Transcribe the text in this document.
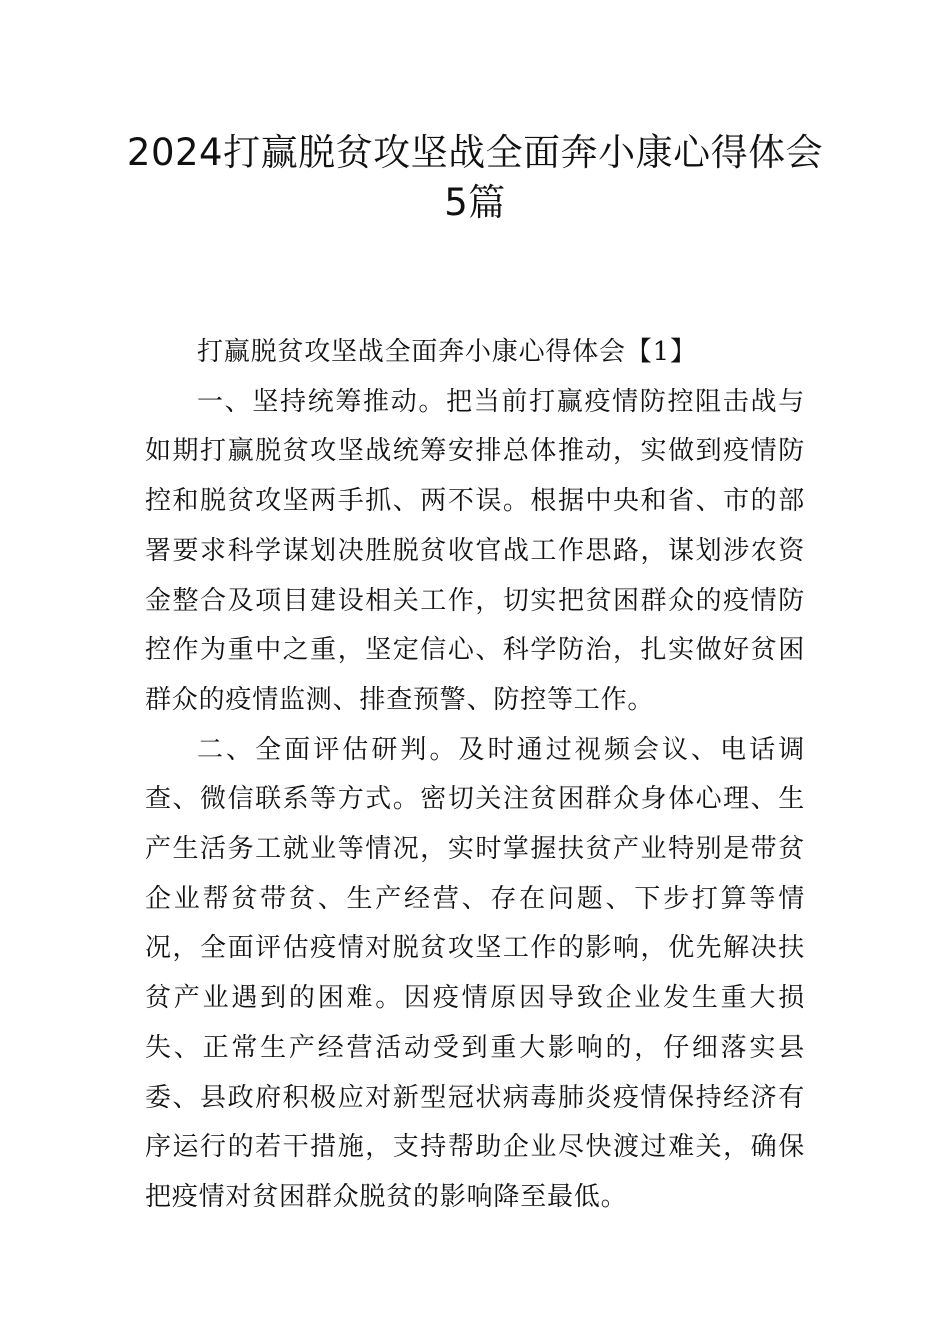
2024打赢脱贫攻坚战全面奔小康心得体会5篇

打赢脱贫攻坚战全面奔小康心得体会【1】

一、坚持统筹推动。把当前打赢疫情防控阻击战与如期打赢脱贫攻坚战统筹安排总体推动，实做到疫情防控和脱贫攻坚两手抓、两不误。根据中央和省、市的部署要求科学谋划决胜脱贫收官战工作思路，谋划涉农资金整合及项目建设相关工作，切实把贫困群众的疫情防控作为重中之重，坚定信心、科学防治，扎实做好贫困群众的疫情监测、排查预警、防控等工作。

二、全面评估研判。及时通过视频会议、电话调查、微信联系等方式。密切关注贫困群众身体心理、生产生活务工就业等情况，实时掌握扶贫产业特别是带贫企业帮贫带贫、生产经营、存在问题、下步打算等情况，全面评估疫情对脱贫攻坚工作的影响，优先解决扶贫产业遇到的困难。因疫情原因导致企业发生重大损失、正常生产经营活动受到重大影响的，仔细落实县委、县政府积极应对新型冠状病毒肺炎疫情保持经济有序运行的若干措施，支持帮助企业尽快渡过难关，确保把疫情对贫困群众脱贫的影响降至最低。
